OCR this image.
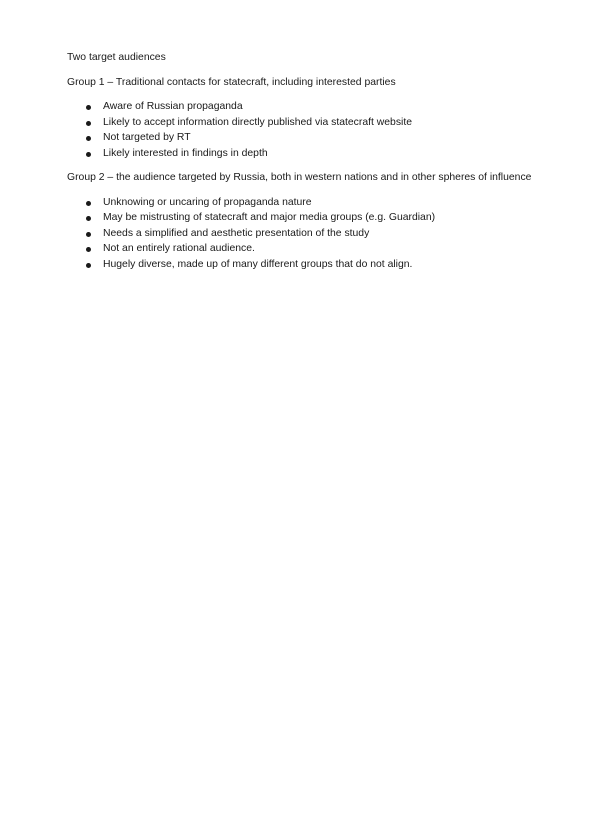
Two target audiences

Group 1 – Traditional contacts for statecraft, including interested parties

Aware of Russian propaganda
Likely to accept information directly published via statecraft website
Not targeted by RT
Likely interested in findings in depth

Group 2 – the audience targeted by Russia, both in western nations and in other spheres of influence

Unknowing or uncaring of propaganda nature
May be mistrusting of statecraft and major media groups (e.g. Guardian)
Needs a simplified and aesthetic presentation of the study
Not an entirely rational audience.
Hugely diverse, made up of many different groups that do not align.
